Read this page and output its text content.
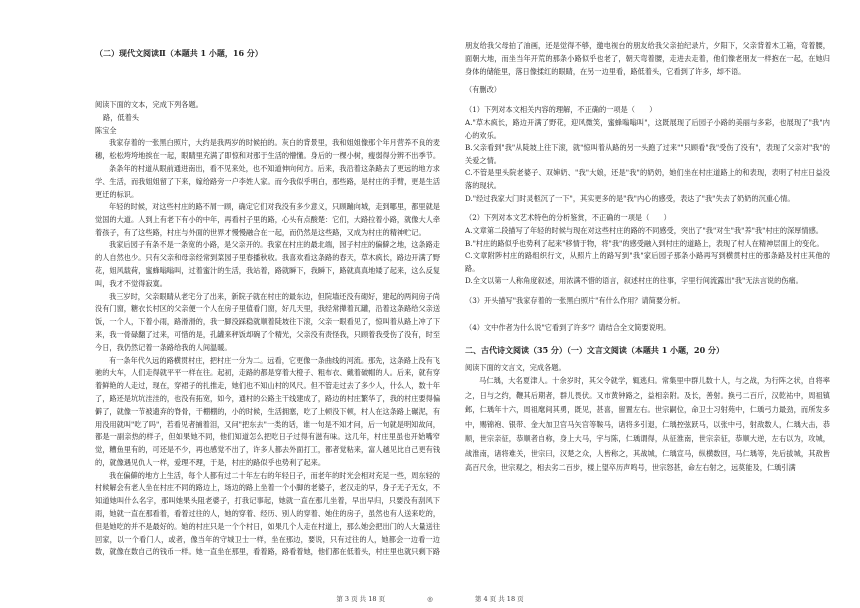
（二）现代文阅读Ⅱ（本题共 1 小题，16 分）

阅读下面的文本，完成下列各题。

路，低着头

陈宝全

我家存着的一张黑白照片，大约是我两岁的时候拍的。灰白的背景里，我和姐姐像那个年月营养不良的麦穗，松松垮垮地挨在一起，眼睛里充满了即惊和对那于生活的懵懂。身后的一棵小树，瘦弱得分辨不出季节。

条条年的村道从眼前通进南出，看不见来处，也不知道伸向何方。后来，我沿着这条路去了更远的地方求学、生活，而我姐姐留了下来，嫁给路旁一户李姓人家。而今我似乎明白，那些路，是村庄的手臂，更是生活更迁的标识。

年轻的时候，对这些村庄的路不屑一顾，确定它们对我没有多少意义，只顾蹦向城，走到哪里，都里就是觉国的大道。人到上有老下有小的中年，再看村子里的路，心头有点酸楚：它们，大路拉着小路，就像大人牵着孩子，有了这些路，村庄与外面的世界才慢慢融合在一起，而仍然是这些路，又成为村庄的精神贮记。

我家后园子有条不是一条宽的小路，是父亲开的。我家在村庄的最北端，园子村庄的偏僻之地，这条路走的人自然也少。只有父亲和母亲经常到菜园子里春播秋收。我喜欢看这条路的春天，草木疯长，路边开满了野花，姐风载荷，蜜蜂嗡嗡叫，过着蜜汁的生活，我站着，路就瞬下，我瞬下，路就真真地矮了起来，这么反复叫，我才不觉得寂寞。

我三岁时，父亲眼睛从老宅分了出来，新院子就在村庄的最东边，但院墙还没有砌好，建起的两间房子尚没有门窗，糖衣长村区的父亲便一个人在房子里值看门窗，好几天里，我经常撵着瓦罐，沿着这条路给父亲送饭，一个人，下着小雨，路滑滑的，我一脚没踩稳就顺着陡坡往下滚，父亲一眼看见了，惊叫着从路上冲了下来，我一骨碌翻了过来，可惜的是，孔罐来秤饭却碗了个精光，父亲没有责怪我，只顾着我受伤了没有，时至今日，我仍然记着一条路给我的人间温暖。

有一条年代久远的路横贯村庄，把村庄一分为二。远看，它更像一条曲线的河流。那先，这条路上没有飞驰的大车，人们走得就平平一样在往。起初，走路的都是穿着大橙子、粗布衣、戴着破帽的人。后来，就有穿着鲜艳的人走过，现在，穿裙子的扎推走，她们也不知山村的风尺。但不管走过去了多少人，什么人，数十年了，路还是坑坑洼洼的，也没有拓宽，如今，通村的公路主干线建成了，路边的村庄繁华了，我的村庄要得偏僻了，就像一节被遗弃的脊骨，干棚棚的，小的时候，生活拥塞，吃了上顿没下顿，村人在这条路上碾泥，有用没用就叫"吃了吗"，若看见者捕着泪，又问"把东去"一类的话，谁一句是不知才问，后一句就是明知故问，都是一副亲热的样子，但如果她不同，他们知道怎么把吃日子过得有滋有味。这几年，村庄里虽也开始嘴窄觉，糟鱼里有的，可还是不少，再也感觉不出了，许多人都去外面打工，都者觉粘来，富人越见比自己更有钱的，就像遇见仇人一样，爱理不理，于是，村庄的路似乎也势利了起来。

我在偏僻的地方上生活，每个人都有过二十年左右的年轻日子，而老年的时光会相对充足一些，周东轻的村候解会有老人坐在村庄不同的路边上，场边的路上坐着一个小脚的老婆子，老汉走的早，身子无子无女，不知道她叫什么名字，那叫她果头阻老婆子，打我记事起，她就一直在那儿坐着，早出早归，只要没有刮风下雨，她就一直在那看着，看着过往的人，她的穿着、经历、别人的穿着、她住的房子，虽然也有人送来吃的，但是她吃的并不是最好的。她的村庄只是一个个村日，如果几个人走在村道上，那么她会把出门的人大量送往回家，以一个看门人，或者，像当年的守城卫士一样，坐在那边，要说，只有过往的人，她都会一边看一边数，就像在数自己的钱币一样。她一直坐在那里，看着路，路看着她，他们都在低着头，村庄里也就只剩下路

朋友给我父母拍了油画，还是觉得不够，邀电视台的朋友给我父亲拍纪录片，夕阳下，父亲背着木工箱，弯着腰，面朝大地，而坐当年开荒的那条小路似乎也老了，朝天弯着腰，走进去走着，他们像老朋友一样抱在一起，在她归身体的储能里，落日像揉红的眼睛，在另一边里看，路低着头，它看到了许多，却不语。

（有删改）

（1）下列对本文相关内容的理解，不正确的一项是（　　）

A."草木疯长，路边开满了野花，迎风微笑，蜜蜂嗡嗡叫"，这既展现了后园子小路的美丽与多彩，也展现了"我"内心的欢乐。

B.父亲看到"我"从陡坡上往下滚，就"惊叫着从路的另一头跑了过来""只顾看"我"受伤了没有"，表现了父亲对"我"的关爱之情。

C.不管是里头院老婆子、双婶奶、"我"大娘，还是"我"的奶奶，她们坐在村庄道路上的和表现，表明了村庄日益没落的现状。

D."经过我家大门时灵柩沉了一下"，其实更多的是"我"内心的感受，表达了"我"失去了奶奶的沉重心情。

（2）下列对本文艺术特色的分析鉴赏，不正确的一项是（　　）

A.文章第二段描写了年轻的时候与现在对这些村庄的路的不同感受，突出了"我"对生"我"养"我"村庄的深厚情感。

B."村庄的路似乎也势利了起来"移情于物，将"我"的感受融入到村庄的道路上，表现了村人在精神层面上的变化。

C.文章附陟村庄的路组织行文，从照片上的路写到"我"家后园子那条小路再写到横贯村庄的那条路及村庄其他的路。

D.全文以第一人称角度叙述，用浓满不惜的语言，叙述村庄的往事，字里行间流露出"我"无法言说的伤痛。

（3）开头描写"我家存着的一张黑白照片"有什么作用？请简要分析。

（4）文中作者为什么说"它看到了许多"？请结合全文简要说明。

二、古代诗文阅读（35 分）（一）文言文阅读（本题共 1 小题，20 分）

阅读下面的文言文，完成各题。

马仁瑀，大名夏津人。十余岁时，其父令就学，辄逃归。常集里中群儿数十人，与之战，为行阵之状，自将率之，日与之约，鞭其后期者，群儿畏伏。又市黄钟路之，益相亲附。及长，善射。换弓二百斤，汉乾祐中，周祖镇邺，仁瑀年十六，周祖麾间其勇，既见，甚喜，留置左右。世宗嗣位，命卫士习射苑中，仁瑀弓力最劲，而所发多中，赐锦袍、银带、金大加卫官马矢官等鞍马，诸将多引退，仁瑀控弦跃马，以张中弓，射敌数人，仁瑀大击，恭顺，世宗亲征，恭顺者自称，身上大马，宇与陈，仁瑀谓得，从征淮南，世宗亲征，恭顺大逆，左右以为，攻城，战淮南，诸将难关，世宗曰，汉楚之众，人皆称之，其战城，仁瑀宣马，纵横数回，马仁瑀等，先后拔城，其敌皆

高百尺余，世宗观之，相去劣二百步，楼上望卒历声鸣号，世宗怒甚，命左右射之，远莫能及，仁瑀引满

第 3 页 共 18 页	◎	第 4 页 共 18 页
